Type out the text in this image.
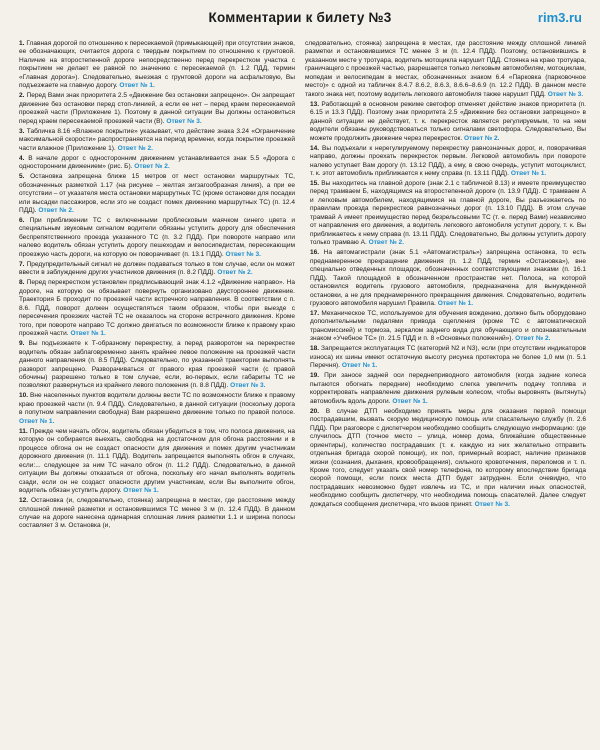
Комментарии к билету №3	rim3.ru

1. Главная дорогой по отношению к пересекаемой (примыкающей) при отсутствии знаков, ее обозначающих, считается дорога с твердым покрытием по отношению к грунтовой. Наличие на второстепенной дороге непосредственно перед перекрестком участка с покрытием не делает ее равной по значению с пересекаемой (п. 1.2 ПДД, термин «Главная дорога»). Следовательно, выезжая с грунтовой дороги на асфальтовую, Вы подъезжаете на главную дорогу. Ответ № 1.

2. Перед Вами знак приоритета 2.5 «Движение без остановки запрещено». Он запрещает движение без остановки перед стоп-линией, а если ее нет – перед краем пересекаемой проезжей части (Приложение 1). Поэтому в данной ситуации Вы должны остановиться перед краем пересекаемой проезжей части (В). Ответ № 3.

3. Табличка 8.16 «Влажное покрытие» указывает, что действие знака 3.24 «Ограничение максимальной скорости» распространяется на период времени, когда покрытие проезжей части влажное (Приложение 1). Ответ № 2.

4. В начале дорог с односторонним движением устанавливается знак 5.5 «Дорога с односторонним движением» (рис. Б). Ответ № 2.

5. Остановка запрещена ближе 15 метров от мест остановки маршрутных ТС, обозначенных разметкой 1.17 (на рисунке – желтая зигзагообразная линия), а при ее отсутствии – от указателя места остановки маршрутных ТС (кроме остановки для посадки или высадки пассажиров, если это не создаст помех движению маршрутных ТС) (п. 12.4 ПДД). Ответ № 2.

6. При приближении ТС с включенными проблесковым маячком синего цвета и специальным звуковым сигналом водители обязаны уступить дорогу для обеспечения беспрепятственного проезда указанного ТС (п. 3.2 ПДД). При повороте направо или налево водитель обязан уступить дорогу пешеходам и велосипедистам, пересекающим проезжую часть дороги, на которую он поворачивает (п. 13.1 ПДД). Ответ № 3.

7. Предупредительный сигнал не должен подаваться только в том случае, если он может ввести в заблуждение других участников движения (п. 8.2 ПДД). Ответ № 2.

8. Перед перекрестком установлен предписывающий знак 4.1.2 «Движение направо». На дороге, на которую он обязывает повернуть организовано двустороннее движение. Траектория Б проходит по проезжей части встречного направления. В соответствии с п. 8.6. ПДД, поворот должен осуществляться таким образом, чтобы при выезде с пересечения проезжих частей ТС не оказалось на стороне встречного движения. Кроме того, при повороте направо ТС должно двигаться по возможности ближе к правому краю проезжей части. Ответ № 1.

9. Вы подъезжаете к Т-образному перекрестку, а перед разворотом на перекрестке водитель обязан заблаговременно занять крайнее левое положение на проезжей части данного направления (п. 8.5 ПДД). Следовательно, по указанной траектории выполнять разворот запрещено. Разворачиваться от правого края проезжей части (с правой обочины) разрешено только в том случае, если, во-первых, если габариты ТС не позволяют развернуться из крайнего левого положения (п. 8.8 ПДД). Ответ № 3.

10. Вне населенных пунктов водители должны вести ТС по возможности ближе к правому краю проезжей части (п. 9.4 ПДД). Следовательно, в данной ситуации (поскольку дорога в попутном направлении свободна) Вам разрешено движение только по правой полосе. Ответ № 1.

11. Прежде чем начать обгон, водитель обязан убедиться в том, что полоса движения, на которую он собирается выехать, свободна на достаточном для обгона расстоянии и в процессе обгона он не создаст опасности для движения и помех другим участникам дорожного движения (п. 11.1 ПДД). Водитель запрещается выполнять обгон в случаях, если:... следующее за ним ТС начало обгон (п. 11.2 ПДД). Следовательно, в данной ситуации Вы должны отказаться от обгона, поскольку его начал выполнять водитель сзади, если он не создаст опасности другим участникам, если Вы выполните обгон, водитель обязан уступить дорогу. Ответ № 1.

12. Остановка (и, следовательно, стоянка) запрещена в местах, где расстояние между сплошной линией разметки и остановившимся ТС менее 3 м (п. 12.4 ПДД). В данном случае на дороге нанесена одинарная сплошная линия разметки 1.1 и ширина полосы составляет 3 м. Остановка (и,

следовательно, стоянка) запрещена в местах, где расстояние между сплошной линией разметки и остановившимся ТС менее 3 м (п. 12.4 ПДД). Поэтому, остановившись в указанном месте у тротуара, водитель мотоцикла нарушит ПДД. Стоянка на краю тротуара, граничащего с проезжей частью, разрешается только легковым автомобилям, мотоциклам, мопедам и велосипедам в местах, обозначенных знаком 6.4 «Парковка (парковочное место)» с одной из табличек 8.4.7 8.6.2, 8.6.3, 8.6.6–8.6.9 (п. 12.2 ПДД). В данном месте такого знака нет, поэтому водитель легкового автомобиля также нарушит ПДД. Ответ № 3.

13. Работающий в основном режиме светофор отменяет действие знаков приоритета (п. 6.15 и 13.3 ПДД). Поэтому знак приоритета 2.5 «Движение без остановки запрещено» в данной ситуации не действует, т. к. перекресток является регулируемым, то на нем водители обязаны руководствоваться только сигналами светофора. Следовательно, Вы можете продолжить движение через перекресток. Ответ № 2.

14. Вы подъехали к нерегулируемому перекрестку равнозначных дорог, и, поворачивая направо, должны проехать перекресток первым. Легковой автомобиль при повороте налево уступает Вам дорогу (п. 13.12 ПДД), а ему, в свою очередь, уступит мотоциклист, т. к. этот автомобиль приближается к нему справа (п. 13.11 ПДД). Ответ № 1.

15. Вы находитесь на главной дороге (знак 2.1 с табличкой 8.13) и имеете преимущество перед трамваем Б, находящимся на второстепенной дороге (п. 13.9 ПДД). С трамваем А и легковым автомобилем, находящимися на главной дороге, Вы разъезжаетесь по правилам проезда перекрестков равнозначных дорог (п. 13.10 ПДД). В этом случае трамвай А имеет преимущество перед безрельсовыми ТС (т. е. перед Вами) независимо от направления его движения, а водитель легкового автомобиля уступит дорогу, т. к. Вы приближаетесь к нему справа (п. 13.11 ПДД). Следовательно, Вы должны уступить дорогу только трамваю А. Ответ № 2.

16. На автомагистрали (знак 5.1 «Автомагистраль») запрещена остановка, то есть преднамеренное прекращение движения (п. 1.2 ПДД, термин «Остановка»), вне специально отведенных площадок, обозначенных соответствующими знаками (п. 16.1 ПДД). Такой площадкой в обозначенном пространстве нет. Полоса, на которой остановился водитель грузового автомобиля, предназначена для вынужденной остановки, а не для преднамеренного прекращения движения. Следовательно, водитель грузового автомобиля нарушил Правила. Ответ № 1.

17. Механическое ТС, используемое для обучения вождению, должно быть оборудовано дополнительными педалями привода сцепления (кроме ТС с автоматической трансмиссией) и тормоза, зеркалом заднего вида для обучающего и опознавательным знаком «Учебное ТС» (п. 21.5 ПДД и п. 8 «Основных положений»). Ответ № 2.

18. Запрещается эксплуатация ТС (категорий N2 и N3), если (при отсутствии индикаторов износа) их шины имеют остаточную высоту рисунка протектора не более 1,0 мм (п. 5.1 Перечня). Ответ № 1.

19. При заносе задней оси переднеприводного автомобиля (когда задние колеса пытаются обогнать передние) необходимо слегка увеличить подачу топлива и корректировать направление движения рулевым колесом, чтобы выровнять (вытянуть) автомобиль вдоль дороги. Ответ № 1.

20. В случае ДТП необходимо принять меры для оказания первой помощи пострадавшим, вызвать скорую медицинскую помощь или спасательную службу (п. 2.6 ПДД). При разговоре с диспетчером необходимо сообщить следующую информацию: где случилось ДТП (точное место – улица, номер дома, ближайшие общественные ориентиры), количество пострадавших (т. к. каждую из них желательно отправить отдельная бригада скорой помощи), их пол, примерный возраст, наличие признаков жизни (сознания, дыхания, кровообращения), сильного кровотечения, переломов и т. п. Кроме того, следует указать свой номер телефона, по которому впоследствии бригада скорой помощи, если поиск места ДТП будет затруднен. Если очевидно, что пострадавших невозможно будет извлечь из ТС, и при наличии иных опасностей, необходимо сообщить диспетчеру, что необходима помощь спасателей. Далее следует дождаться сообщения диспетчера, что вызов принят. Ответ № 3.
